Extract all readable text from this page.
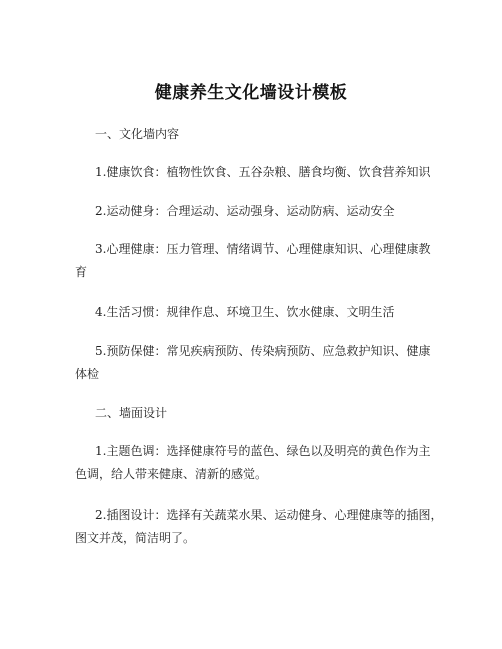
健康养生文化墙设计模板
一、文化墙内容
1.健康饮食：植物性饮食、五谷杂粮、膳食均衡、饮食营养知识
2.运动健身：合理运动、运动强身、运动防病、运动安全
3.心理健康：压力管理、情绪调节、心理健康知识、心理健康教
育
4.生活习惯：规律作息、环境卫生、饮水健康、文明生活
5.预防保健：常见疾病预防、传染病预防、应急救护知识、健康
体检
二、墙面设计
1.主题色调：选择健康符号的蓝色、绿色以及明亮的黄色作为主
色调，给人带来健康、清新的感觉。
2.插图设计：选择有关蔬菜水果、运动健身、心理健康等的插图，
图文并茂，简洁明了。
